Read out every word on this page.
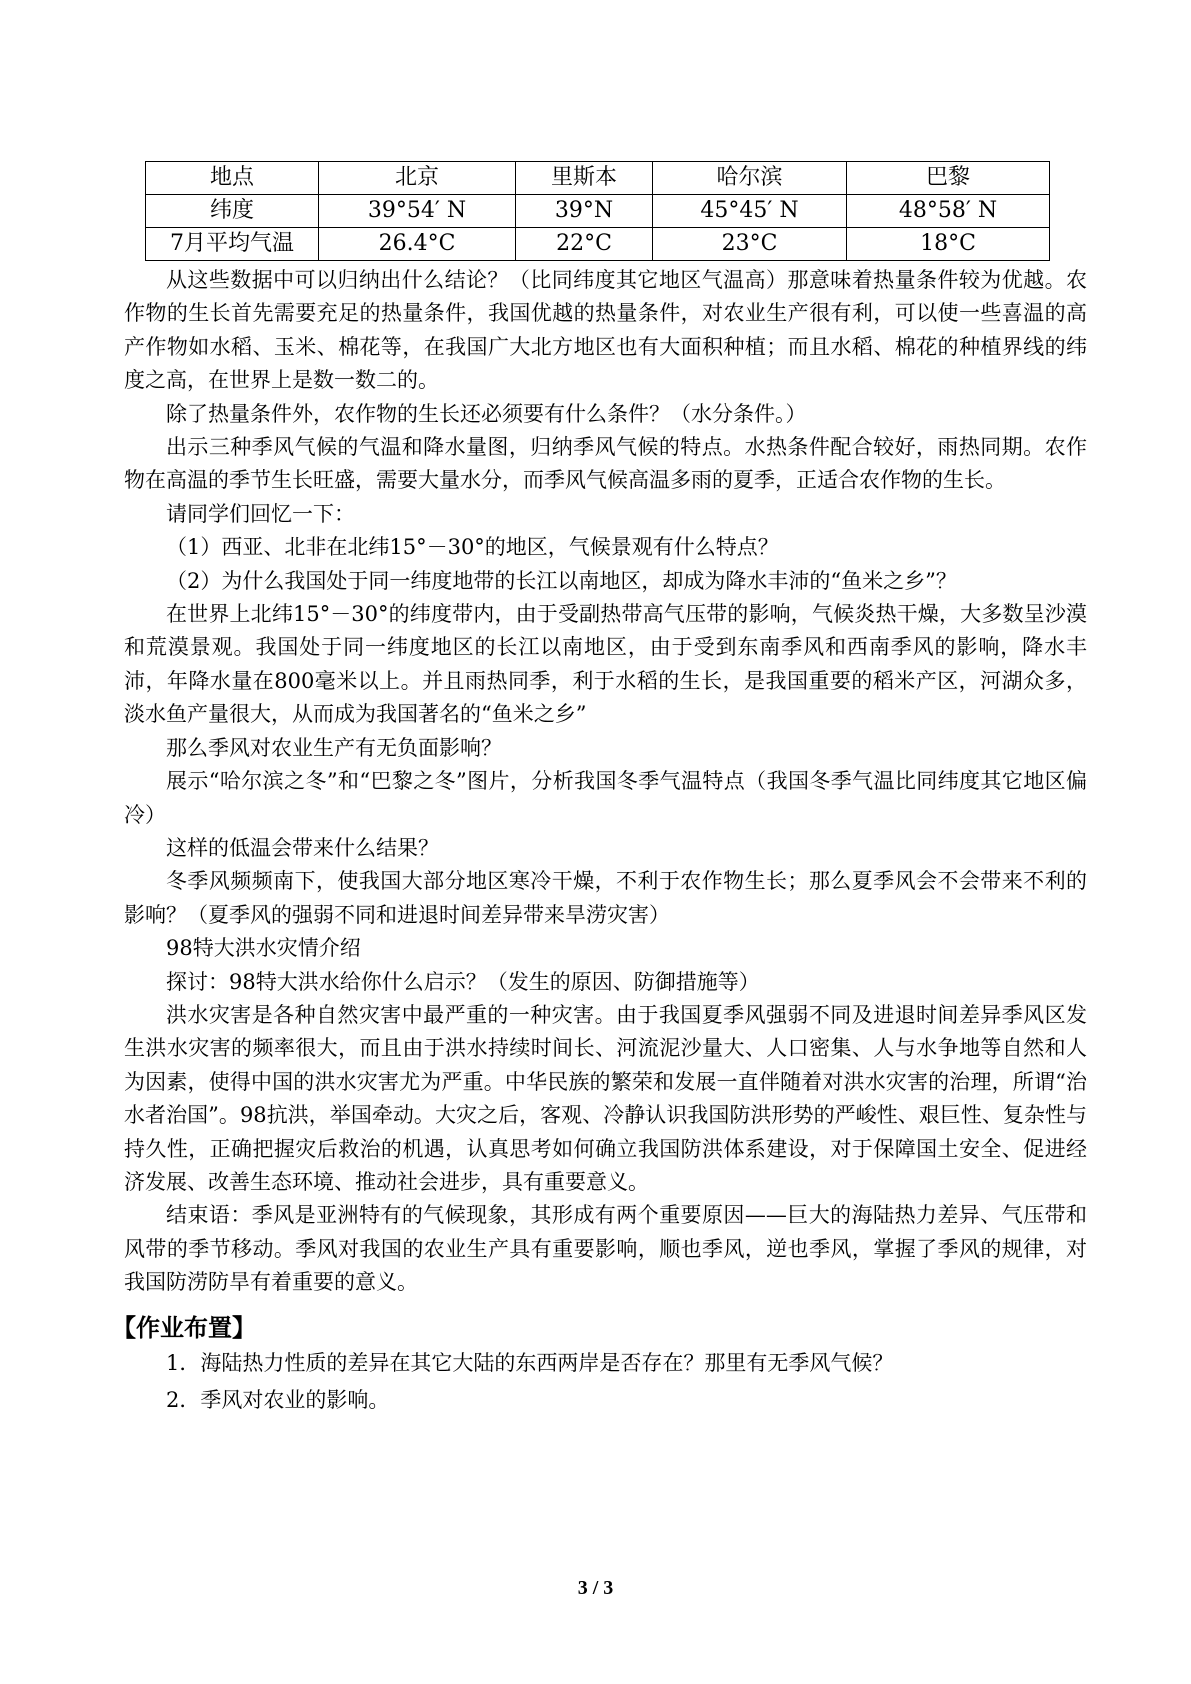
地点	北京	里斯本	哈尔滨	巴黎
纬度	39°54′ N	39°N	45°45′ N	48°58′ N
7月平均气温	26.4°C	22°C	23°C	18°C

从这些数据中可以归纳出什么结论？（比同纬度其它地区气温高）那意味着热量条件较为优越。农作物的生长首先需要充足的热量条件，我国优越的热量条件，对农业生产很有利，可以使一些喜温的高产作物如水稻、玉米、棉花等，在我国广大北方地区也有大面积种植；而且水稻、棉花的种植界线的纬度之高，在世界上是数一数二的。

除了热量条件外，农作物的生长还必须要有什么条件？（水分条件。）

出示三种季风气候的气温和降水量图，归纳季风气候的特点。水热条件配合较好，雨热同期。农作物在高温的季节生长旺盛，需要大量水分，而季风气候高温多雨的夏季，正适合农作物的生长。

请同学们回忆一下：

（1）西亚、北非在北纬15°－30°的地区，气候景观有什么特点？

（2）为什么我国处于同一纬度地带的长江以南地区，却成为降水丰沛的“鱼米之乡”？

在世界上北纬15°－30°的纬度带内，由于受副热带高气压带的影响，气候炎热干燥，大多数呈沙漠和荒漠景观。我国处于同一纬度地区的长江以南地区，由于受到东南季风和西南季风的影响，降水丰沛，年降水量在800毫米以上。并且雨热同季，利于水稻的生长，是我国重要的稻米产区，河湖众多，淡水鱼产量很大，从而成为我国著名的“鱼米之乡”

那么季风对农业生产有无负面影响？

展示“哈尔滨之冬”和“巴黎之冬”图片，分析我国冬季气温特点（我国冬季气温比同纬度其它地区偏冷）

这样的低温会带来什么结果？

冬季风频频南下，使我国大部分地区寒冷干燥，不利于农作物生长；那么夏季风会不会带来不利的影响？（夏季风的强弱不同和进退时间差异带来旱涝灾害）

98特大洪水灾情介绍

探讨：98特大洪水给你什么启示？（发生的原因、防御措施等）

洪水灾害是各种自然灾害中最严重的一种灾害。由于我国夏季风强弱不同及进退时间差异季风区发生洪水灾害的频率很大，而且由于洪水持续时间长、河流泥沙量大、人口密集、人与水争地等自然和人为因素，使得中国的洪水灾害尤为严重。中华民族的繁荣和发展一直伴随着对洪水灾害的治理，所谓“治水者治国”。98抗洪，举国牵动。大灾之后，客观、冷静认识我国防洪形势的严峻性、艰巨性、复杂性与持久性，正确把握灾后救治的机遇，认真思考如何确立我国防洪体系建设，对于保障国土安全、促进经济发展、改善生态环境、推动社会进步，具有重要意义。

结束语：季风是亚洲特有的气候现象，其形成有两个重要原因——巨大的海陆热力差异、气压带和风带的季节移动。季风对我国的农业生产具有重要影响，顺也季风，逆也季风，掌握了季风的规律，对我国防涝防旱有着重要的意义。

【作业布置】

1．海陆热力性质的差异在其它大陆的东西两岸是否存在？那里有无季风气候？

2．季风对农业的影响。

3 / 3
